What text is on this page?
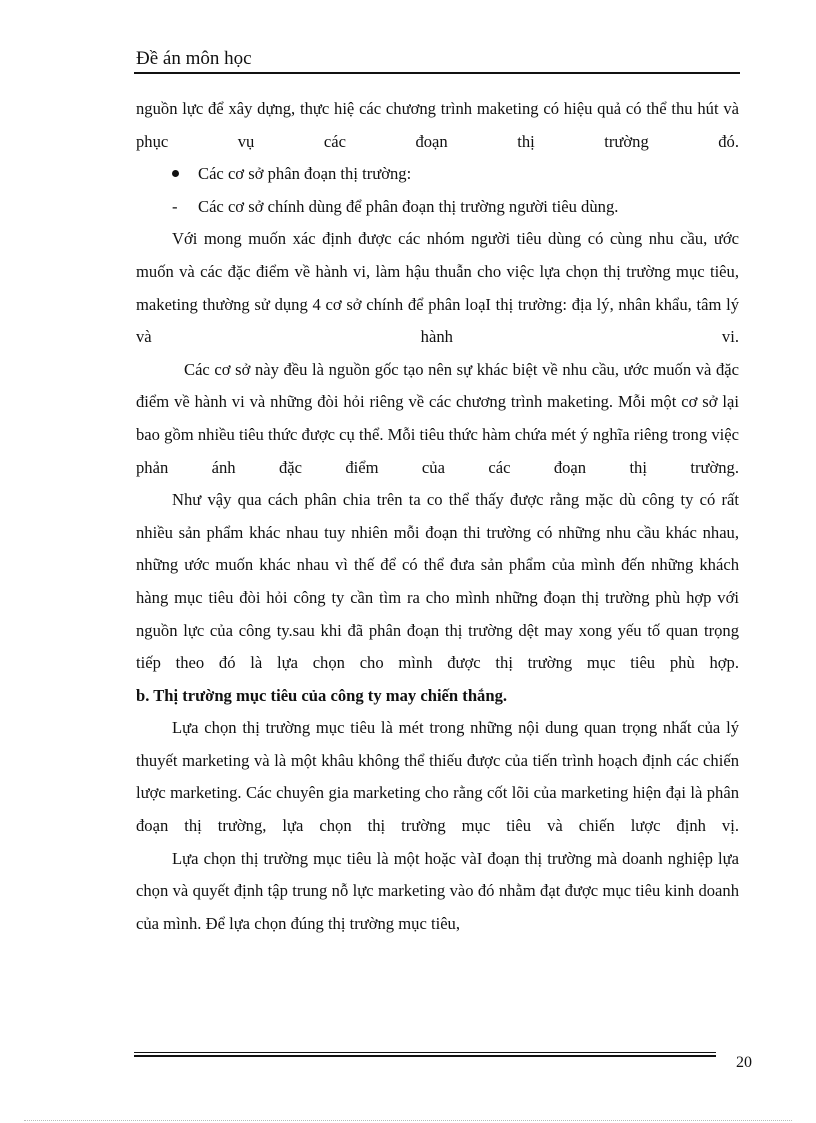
Đề án môn học

nguồn lực để xây dựng, thực hiệ các chương trình maketing có hiệu quả có thể thu hút và phục vụ các đoạn thị trường đó.

Các cơ sở phân đoạn thị trường:
-	Các cơ sở chính dùng để phân đoạn thị trường người tiêu dùng.

Với mong muốn xác định được các nhóm người tiêu dùng có cùng nhu cầu, ước muốn và các đặc điểm về hành vi, làm hậu thuẫn cho việc lựa chọn thị trường mục tiêu, maketing thường sử dụng 4 cơ sở chính để phân loạI thị trường: địa lý, nhân khẩu, tâm lý và hành vi.

Các cơ sở này đều là nguồn gốc tạo nên sự khác biệt về nhu cầu, ước muốn và đặc điểm về hành vi và những đòi hỏi riêng về các chương trình maketing. Mỗi một cơ sở lại bao gồm nhiều tiêu thức được cụ thể. Mỗi tiêu thức hàm chứa mét ý nghĩa riêng trong việc phản ánh đặc điểm của các đoạn thị trường.

Như vậy qua cách phân chia trên ta co thể thấy được rằng mặc dù công ty có rất nhiều sản phẩm khác nhau tuy nhiên mỗi đoạn thi trường có những nhu cầu khác nhau, những ước muốn khác nhau vì thế để có thể đưa sản phẩm của mình đến những khách hàng mục tiêu đòi hỏi công ty cần tìm ra cho mình những đoạn thị trường phù hợp với nguồn lực của công ty.sau khi đã phân đoạn thị trường dệt may xong yếu tố quan trọng tiếp theo đó là lựa chọn cho mình được thị trường mục tiêu phù hợp.

b. Thị trường mục tiêu của công ty may chiến thắng.

Lựa chọn thị trường mục tiêu là mét trong những nội dung quan trọng nhất của lý thuyết marketing và là một khâu không thể thiếu được của tiến trình hoạch định các chiến lược marketing. Các chuyên gia marketing cho rằng cốt lõi của marketing hiện đại là phân đoạn thị trường, lựa chọn thị trường mục tiêu và chiến lược định vị.

Lựa chọn thị trường mục tiêu là một hoặc vàI đoạn thị trường mà doanh nghiệp lựa chọn và quyết định tập trung nỗ lực marketing vào đó nhằm đạt được mục tiêu kinh doanh của mình. Để lựa chọn đúng thị trường mục tiêu,

20
